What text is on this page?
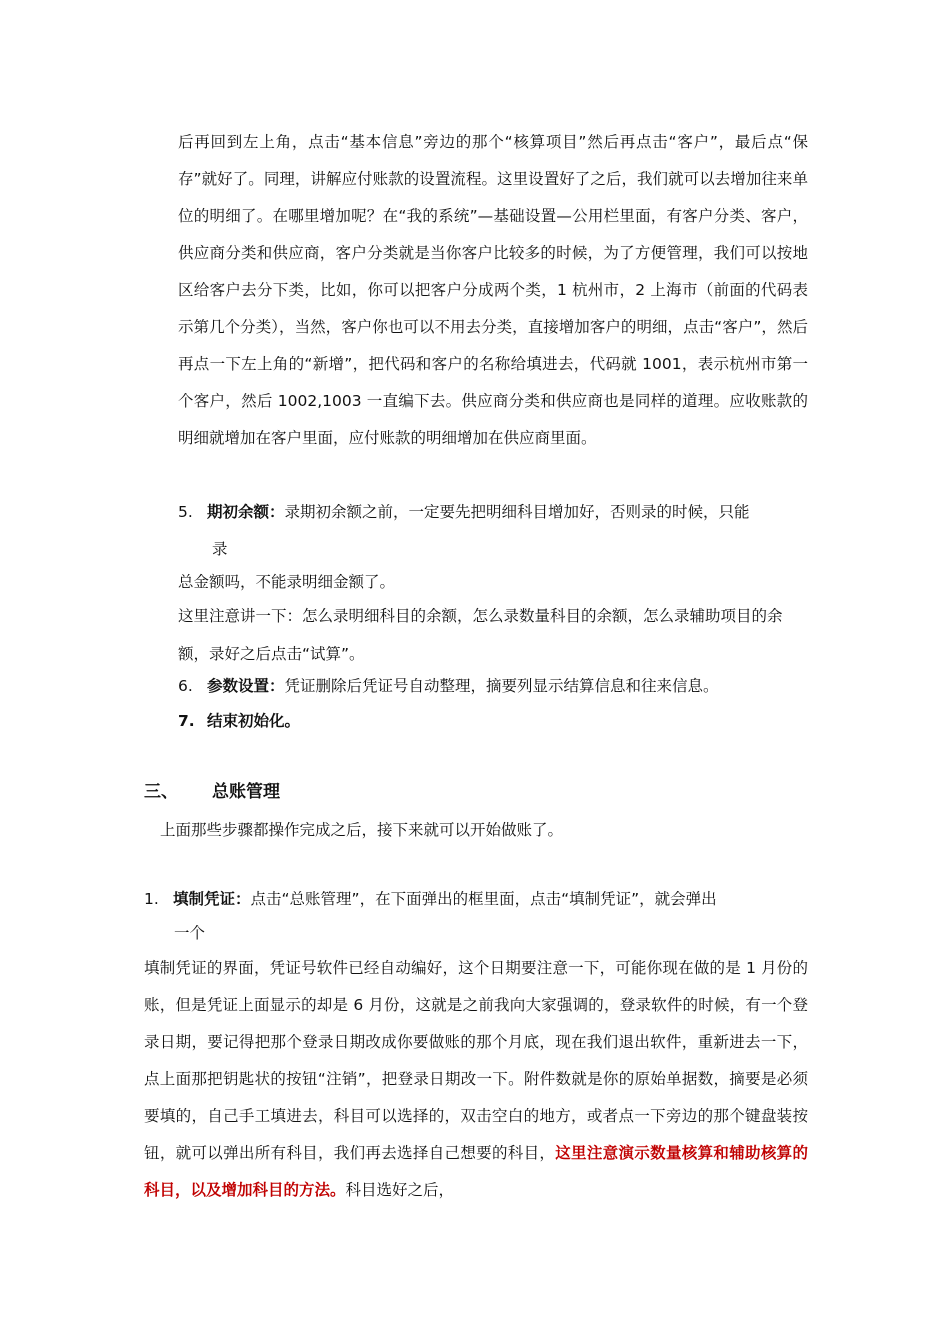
后再回到左上角，点击“基本信息”旁边的那个“核算项目”然后再点击“客户”，最后点“保存”就好了。同理，讲解应付账款的设置流程。这里设置好了之后，我们就可以去增加往来单位的明细了。在哪里增加呢？在“我的系统”—基础设置—公用栏里面，有客户分类、客户，供应商分类和供应商，客户分类就是当你客户比较多的时候，为了方便管理，我们可以按地区给客户去分下类，比如，你可以把客户分成两个类，1 杭州市，2 上海市（前面的代码表示第几个分类），当然，客户你也可以不用去分类，直接增加客户的明细，点击“客户”，然后再点一下左上角的“新增”，把代码和客户的名称给填进去，代码就 1001，表示杭州市第一个客户，然后 1002,1003 一直编下去。供应商分类和供应商也是同样的道理。应收账款的明细就增加在客户里面，应付账款的明细增加在供应商里面。

5. 期初余额：录期初余额之前，一定要先把明细科目增加好，否则录的时候，只能
录
总金额吗，不能录明细金额了。
这里注意讲一下：怎么录明细科目的余额，怎么录数量科目的余额，怎么录辅助项目的余额，录好之后点击“试算”。
6. 参数设置：凭证删除后凭证号自动整理，摘要列显示结算信息和往来信息。
7. 结束初始化。
三、 总账管理
上面那些步骤都操作完成之后，接下来就可以开始做账了。
1. 填制凭证：点击“总账管理”，在下面弹出的框里面，点击“填制凭证”，就会弹出
一个

填制凭证的界面，凭证号软件已经自动编好，这个日期要注意一下，可能你现在做的是 1 月份的账，但是凭证上面显示的却是 6 月份，这就是之前我向大家强调的，登录软件的时候，有一个登录日期，要记得把那个登录日期改成你要做账的那个月底，现在我们退出软件，重新进去一下，点上面那把钥匙状的按钮“注销”，把登录日期改一下。附件数就是你的原始单据数，摘要是必须要填的，自己手工填进去，科目可以选择的，双击空白的地方，或者点一下旁边的那个键盘装按钮，就可以弹出所有科目，我们再去选择自己想要的科目，这里注意演示数量核算和辅助核算的科目，以及增加科目的方法。科目选好之后，
